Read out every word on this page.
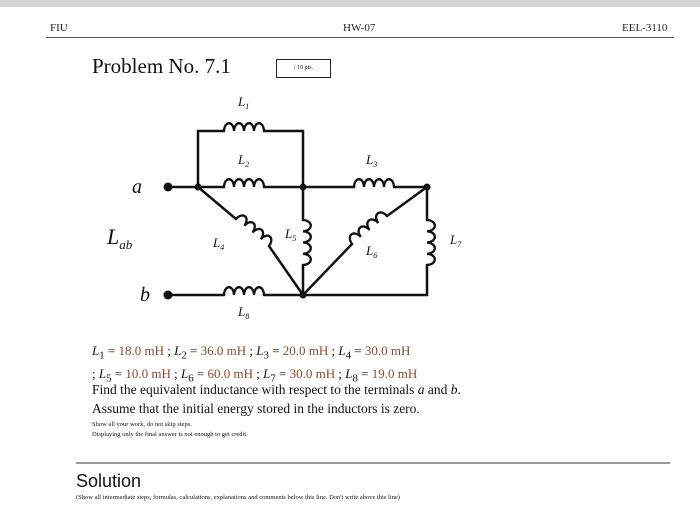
FIU	HW-07	EEL-3110
Problem No. 7.1	/ 10 pts.
a
b
$L_{ab}$
$L_1$
$L_2$	$L_3$
$L_4$
$L_5$
$L_6$
$L_7$
$L_8$
$L_1 = 18.0$ mH ; $L_2 = 36.0$ mH ; $L_3 = 20.0$ mH ; $L_4 = 30.0$ mH
; $L_5 = 10.0$ mH ; $L_6 = 60.0$ mH ; $L_7 = 30.0$ mH ; $L_8 = 19.0$ mH
Find the equivalent inductance with respect to the terminals a and b.
Assume that the initial energy stored in the inductors is zero.
Show all your work, do not skip steps.
Displaying only the final answer is not enough to get credit.
Solution
(Show all intermediate steps, formulas, calculations, explanations and comments below this line. Don't write above this line)
